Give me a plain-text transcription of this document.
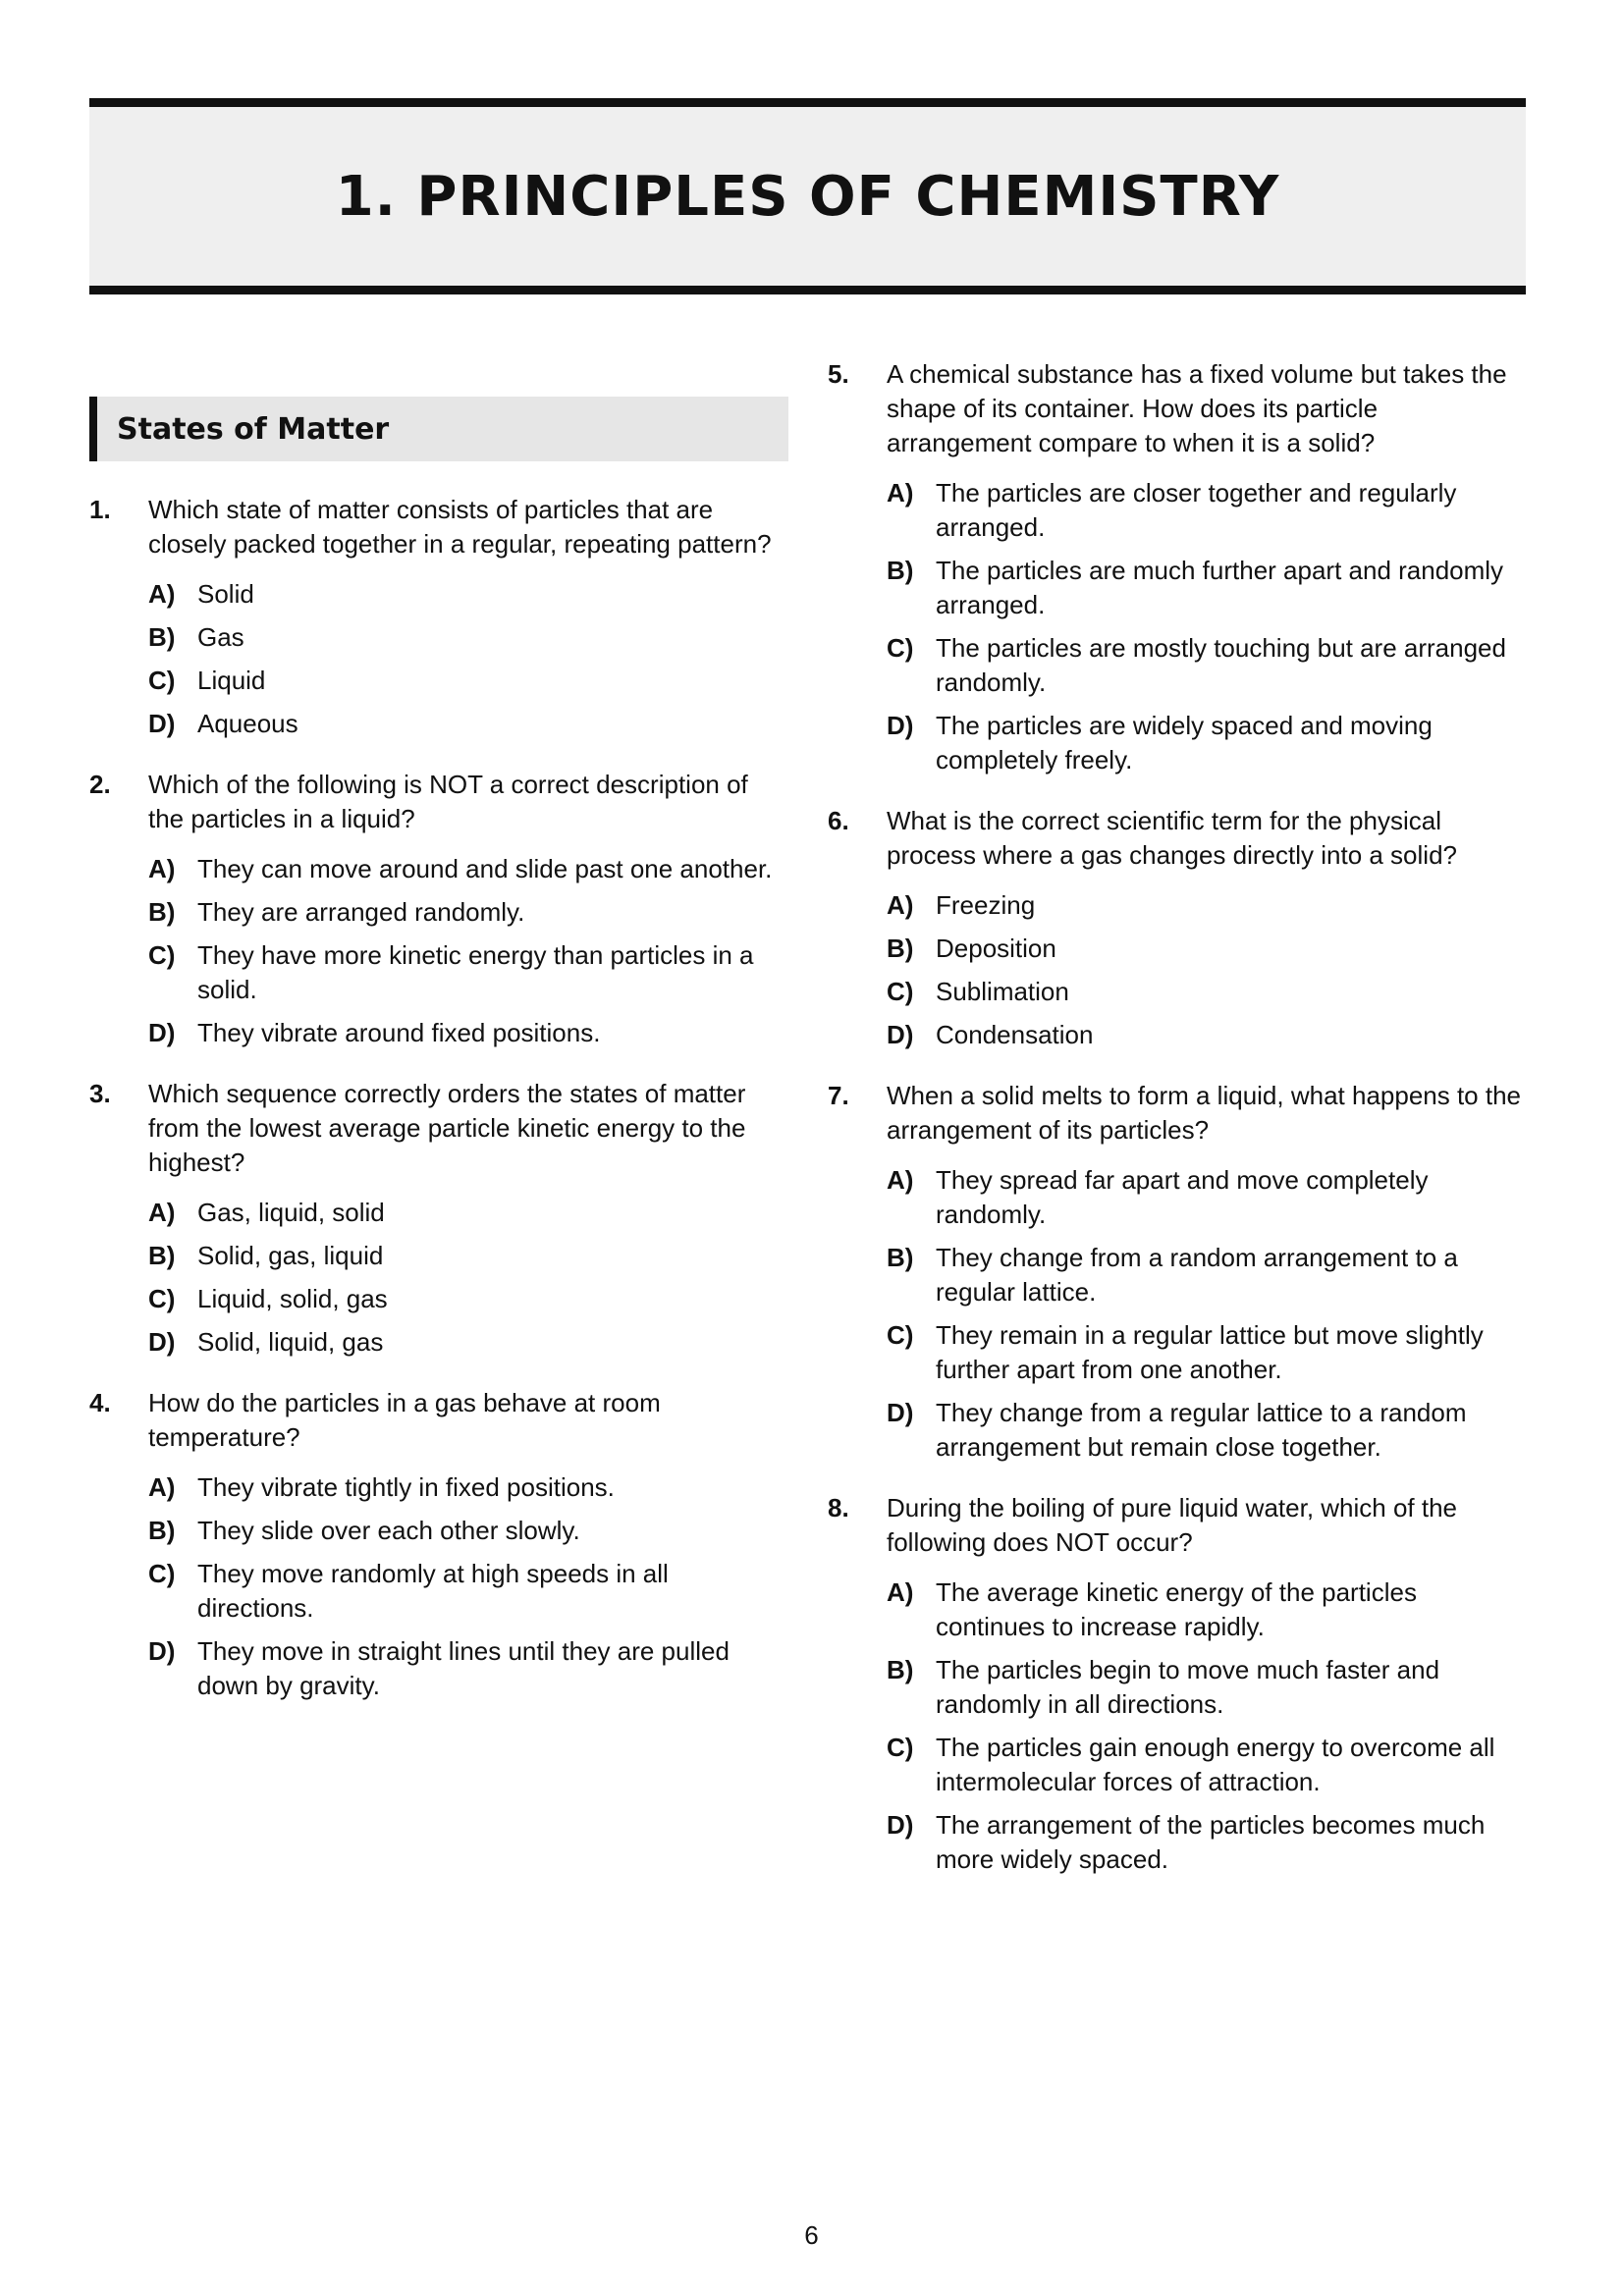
1. PRINCIPLES OF CHEMISTRY
States of Matter
1.	Which state of matter consists of particles that are closely packed together in a regular, repeating pattern?
A) Solid
B) Gas
C) Liquid
D) Aqueous
2.	Which of the following is NOT a correct description of the particles in a liquid?
A) They can move around and slide past one another.
B) They are arranged randomly.
C) They have more kinetic energy than particles in a solid.
D) They vibrate around fixed positions.
3.	Which sequence correctly orders the states of matter from the lowest average particle kinetic energy to the highest?
A) Gas, liquid, solid
B) Solid, gas, liquid
C) Liquid, solid, gas
D) Solid, liquid, gas
4.	How do the particles in a gas behave at room temperature?
A) They vibrate tightly in fixed positions.
B) They slide over each other slowly.
C) They move randomly at high speeds in all directions.
D) They move in straight lines until they are pulled down by gravity.
5.	A chemical substance has a fixed volume but takes the shape of its container. How does its particle arrangement compare to when it is a solid?
A) The particles are closer together and regularly arranged.
B) The particles are much further apart and randomly arranged.
C) The particles are mostly touching but are arranged randomly.
D) The particles are widely spaced and moving completely freely.
6.	What is the correct scientific term for the physical process where a gas changes directly into a solid?
A) Freezing
B) Deposition
C) Sublimation
D) Condensation
7.	When a solid melts to form a liquid, what happens to the arrangement of its particles?
A) They spread far apart and move completely randomly.
B) They change from a random arrangement to a regular lattice.
C) They remain in a regular lattice but move slightly further apart from one another.
D) They change from a regular lattice to a random arrangement but remain close together.
8.	During the boiling of pure liquid water, which of the following does NOT occur?
A) The average kinetic energy of the particles continues to increase rapidly.
B) The particles begin to move much faster and randomly in all directions.
C) The particles gain enough energy to overcome all intermolecular forces of attraction.
D) The arrangement of the particles becomes much more widely spaced.
6
